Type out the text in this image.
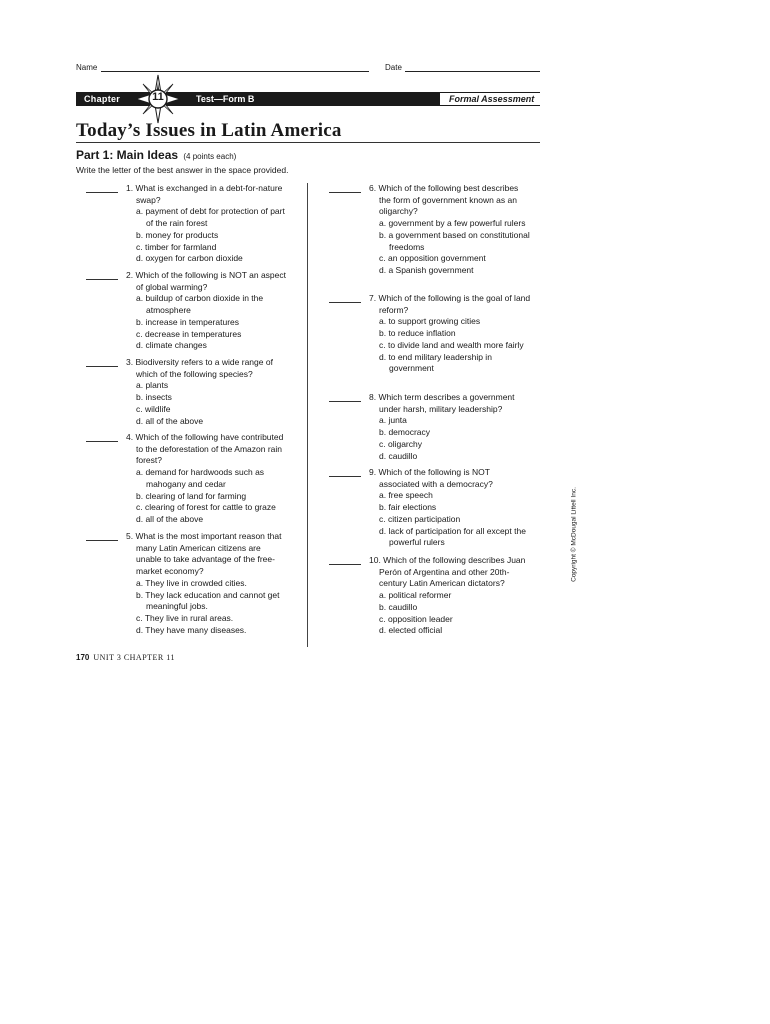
Name	Date
Chapter	Test—Form B	Formal Assessment
11
Today’s Issues in Latin America
Part 1: Main Ideas (4 points each)
Write the letter of the best answer in the space provided.

1. What is exchanged in a debt-for-nature swap?

a. payment of debt for protection of part of the rain forest

b. money for products

c. timber for farmland

d. oxygen for carbon dioxide

2. Which of the following is NOT an aspect of global warming?

a. buildup of carbon dioxide in the atmosphere

b. increase in temperatures

c. decrease in temperatures

d. climate changes

3. Biodiversity refers to a wide range of which of the following species?

a. plants

b. insects

c. wildlife

d. all of the above

4. Which of the following have contributed to the deforestation of the Amazon rain forest?

a. demand for hardwoods such as mahogany and cedar

b. clearing of land for farming

c. clearing of forest for cattle to graze

d. all of the above

5. What is the most important reason that many Latin American citizens are unable to take advantage of the free-market economy?

a. They live in crowded cities.

b. They lack education and cannot get meaningful jobs.

c. They live in rural areas.

d. They have many diseases.

6. Which of the following best describes the form of government known as an oligarchy?

a. government by a few powerful rulers

b. a government based on constitutional freedoms

c. an opposition government

d. a Spanish government

7. Which of the following is the goal of land reform?

a. to support growing cities

b. to reduce inflation

c. to divide land and wealth more fairly

d. to end military leadership in government

8. Which term describes a government under harsh, military leadership?

a. junta

b. democracy

c. oligarchy

d. caudillo

9. Which of the following is NOT associated with a democracy?

a. free speech

b. fair elections

c. citizen participation

d. lack of participation for all except the powerful rulers

10. Which of the following describes Juan Perón of Argentina and other 20th-century Latin American dictators?

a. political reformer

b. caudillo

c. opposition leader

d. elected official

Copyright © McDougal Littell Inc.
170 UNIT 3 CHAPTER 11
